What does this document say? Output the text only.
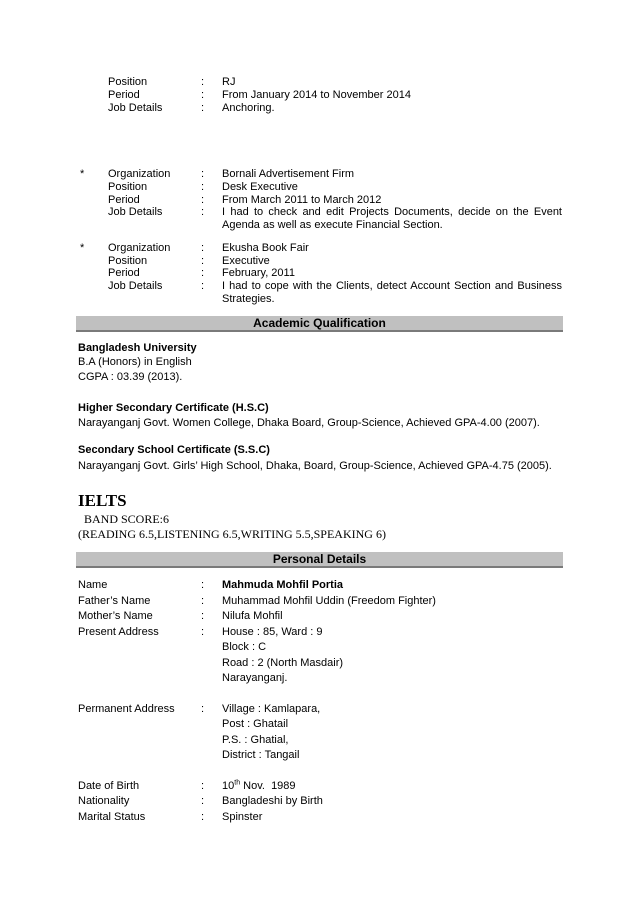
Position	: RJ
Period	: From January 2014 to November 2014
Job Details	: Anchoring.
* Organization	: Bornali Advertisement Firm
Position	: Desk Executive
Period	: From March 2011 to March 2012
Job Details	: I had to check and edit Projects Documents, decide on the Event
Agenda as well as execute Financial Section.
* Organization	: Ekusha Book Fair
Position	: Executive
Period	: February, 2011
Job Details	: I had to cope with the Clients, detect Account Section and Business
Strategies.
Academic Qualification
Bangladesh University
B.A (Honors) in English
CGPA : 03.39 (2013).
Higher Secondary Certificate (H.S.C)
Narayanganj Govt. Women College, Dhaka Board, Group-Science, Achieved GPA-4.00 (2007).
Secondary School Certificate (S.S.C)
Narayanganj Govt. Girls’ High School, Dhaka, Board, Group-Science, Achieved GPA-4.75 (2005).
IELTS
BAND SCORE:6
(READING 6.5,LISTENING 6.5,WRITING 5.5,SPEAKING 6)
Personal Details
Name	: Mahmuda Mohfil Portia
Father’s Name	: Muhammad Mohfil Uddin (Freedom Fighter)
Mother’s Name	: Nilufa Mohfil
Present Address	: House : 85, Ward : 9
Block : C
Road : 2 (North Masdair)
Narayanganj.
Permanent Address : Village : Kamlapara,
Post : Ghatail
P.S. : Ghatial,
District : Tangail
Date of Birth	: 10th Nov.  1989
Nationality	: Bangladeshi by Birth
Marital Status	: Spinster
